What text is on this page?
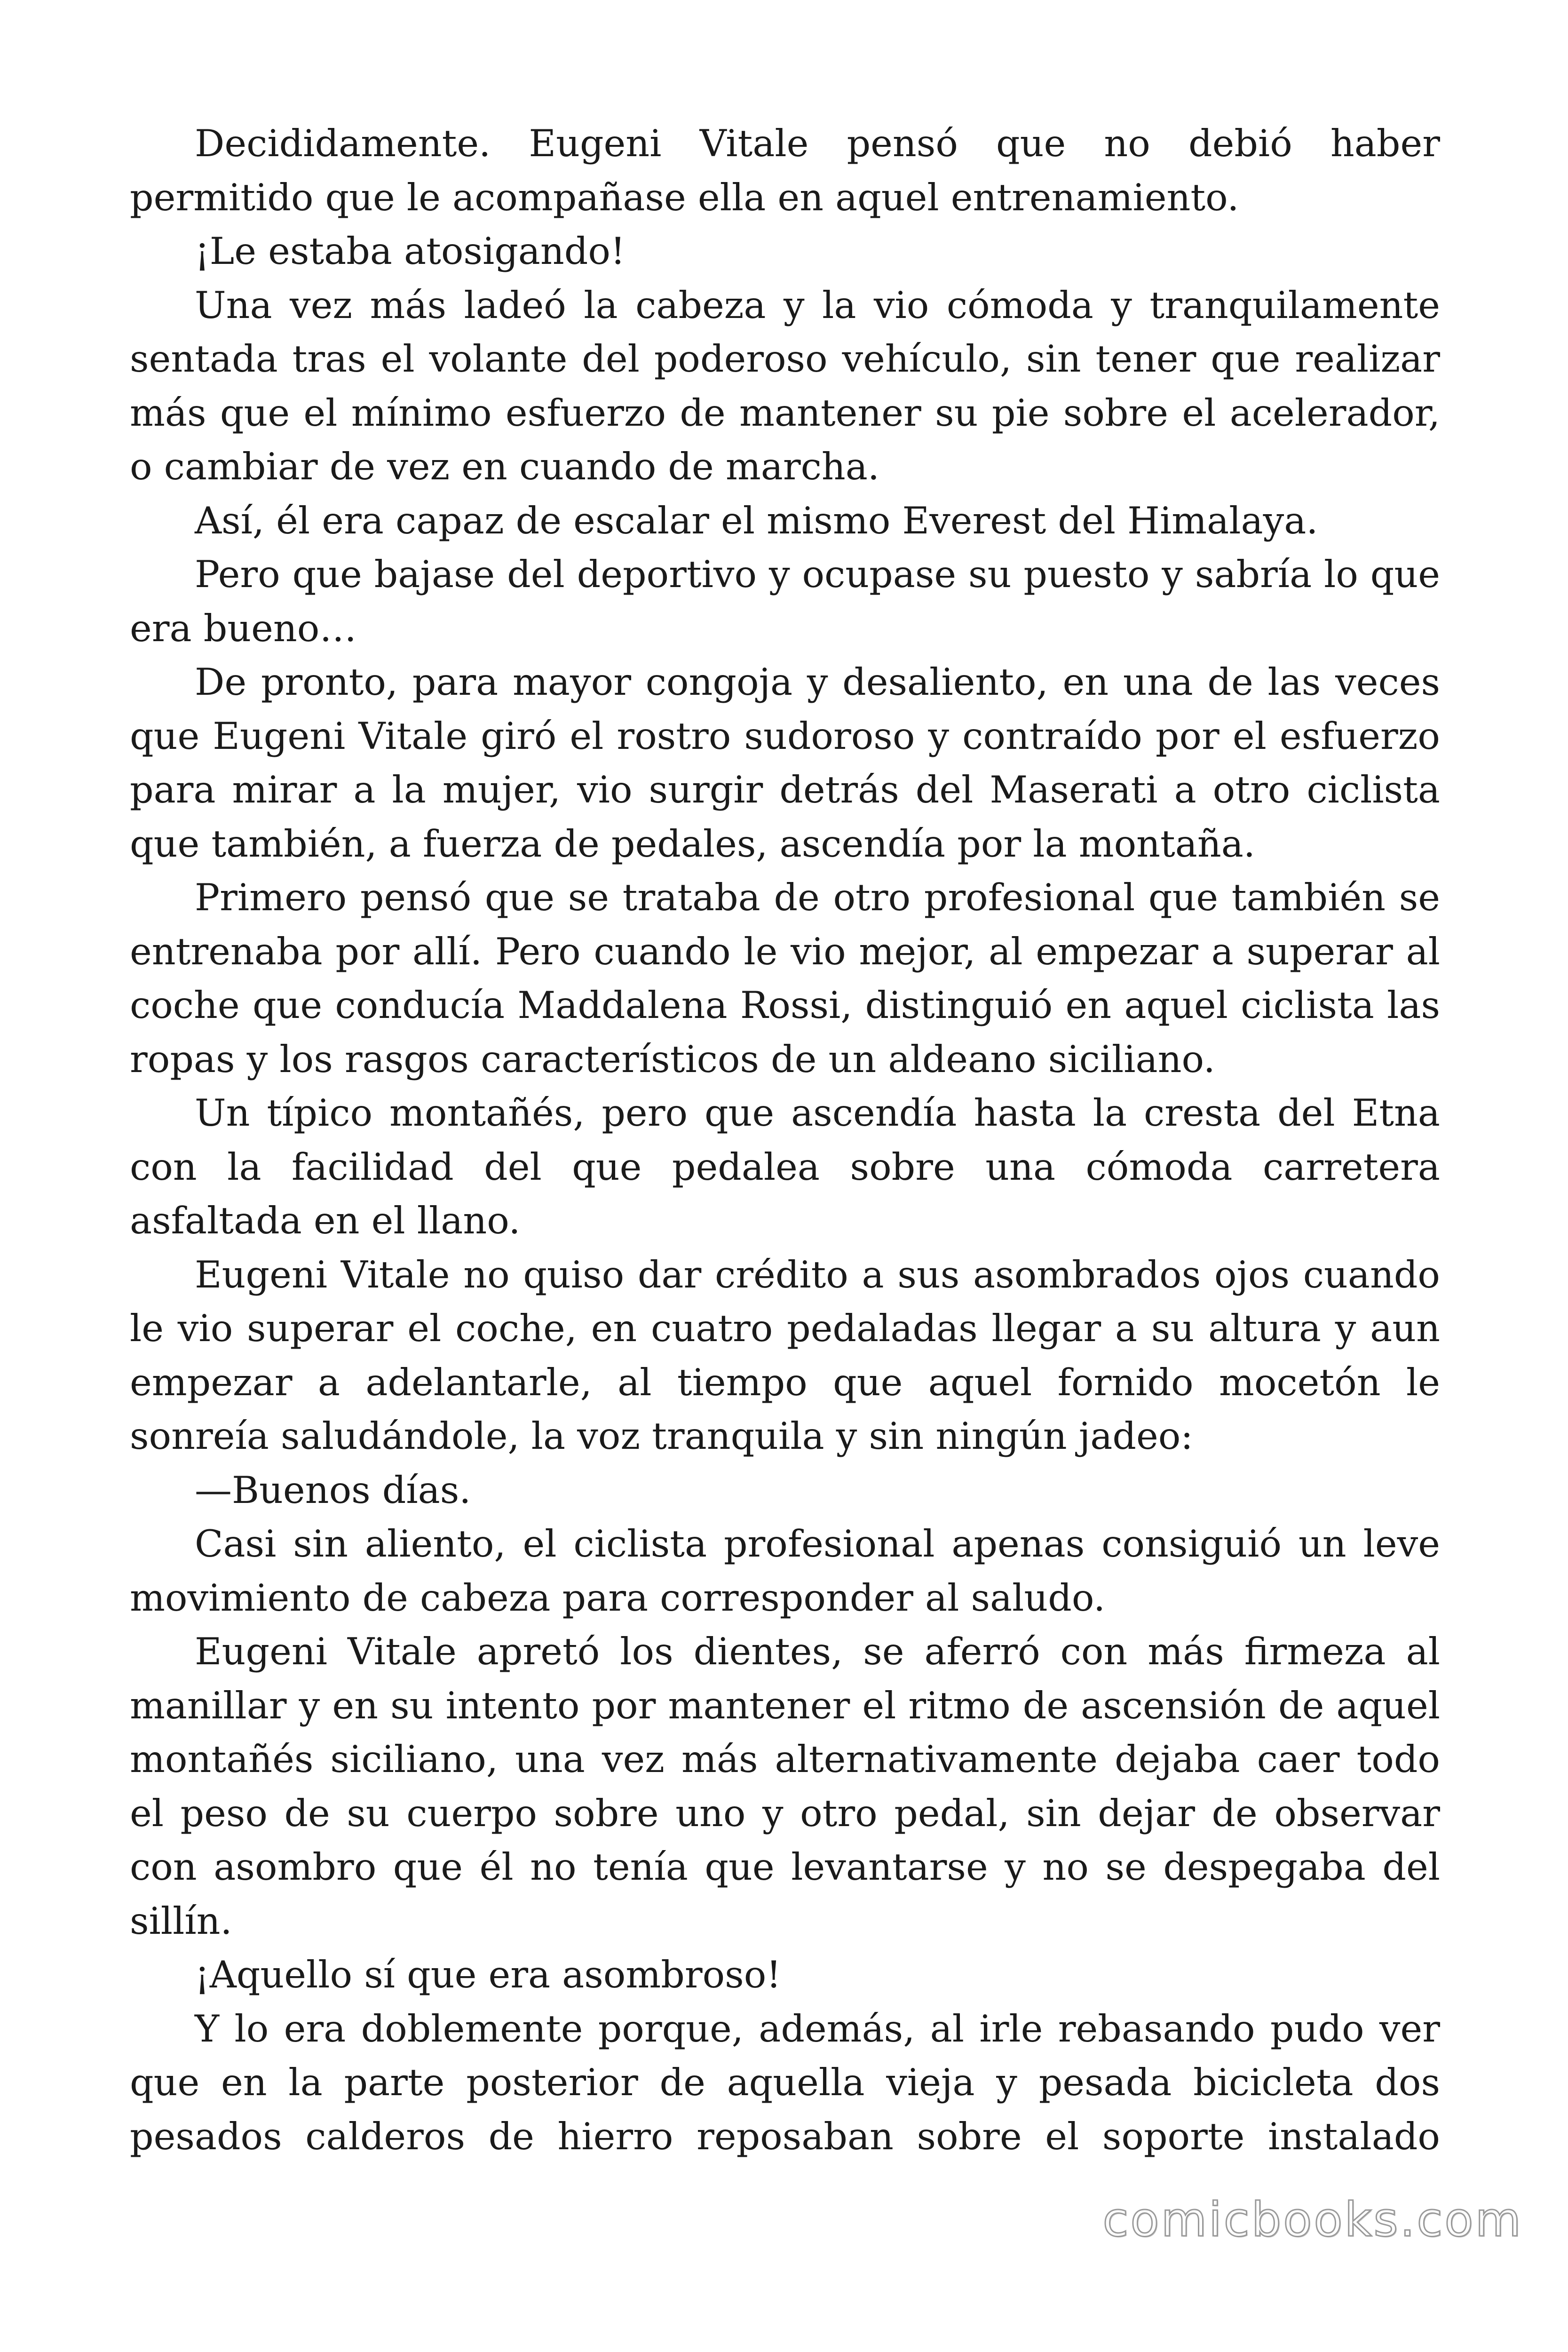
Decididamente. Eugeni Vitale pensó que no debió haber permitido que le acompañase ella en aquel entrenamiento.

¡Le estaba atosigando!

Una vez más ladeó la cabeza y la vio cómoda y tranquilamente sentada tras el volante del poderoso vehículo, sin tener que realizar más que el mínimo esfuerzo de mantener su pie sobre el acelerador, o cambiar de vez en cuando de marcha.

Así, él era capaz de escalar el mismo Everest del Himalaya.

Pero que bajase del deportivo y ocupase su puesto y sabría lo que era bueno…

De pronto, para mayor congoja y desaliento, en una de las veces que Eugeni Vitale giró el rostro sudoroso y contraído por el esfuerzo para mirar a la mujer, vio surgir detrás del Maserati a otro ciclista que también, a fuerza de pedales, ascendía por la montaña.

Primero pensó que se trataba de otro profesional que también se entrenaba por allí. Pero cuando le vio mejor, al empezar a superar al coche que conducía Maddalena Rossi, distinguió en aquel ciclista las ropas y los rasgos característicos de un aldeano siciliano.

Un típico montañés, pero que ascendía hasta la cresta del Etna con la facilidad del que pedalea sobre una cómoda carretera asfaltada en el llano.

Eugeni Vitale no quiso dar crédito a sus asombrados ojos cuando le vio superar el coche, en cuatro pedaladas llegar a su altura y aun empezar a adelantarle, al tiempo que aquel fornido mocetón le sonreía saludándole, la voz tranquila y sin ningún jadeo:

—Buenos días.

Casi sin aliento, el ciclista profesional apenas consiguió un leve movimiento de cabeza para corresponder al saludo.

Eugeni Vitale apretó los dientes, se aferró con más firmeza al manillar y en su intento por mantener el ritmo de ascensión de aquel montañés siciliano, una vez más alternativamente dejaba caer todo el peso de su cuerpo sobre uno y otro pedal, sin dejar de observar con asombro que él no tenía que levantarse y no se despegaba del sillín.

¡Aquello sí que era asombroso!

Y lo era doblemente porque, además, al irle rebasando pudo ver que en la parte posterior de aquella vieja y pesada bicicleta dos pesados calderos de hierro reposaban sobre el soporte instalado

comicbooks.com
